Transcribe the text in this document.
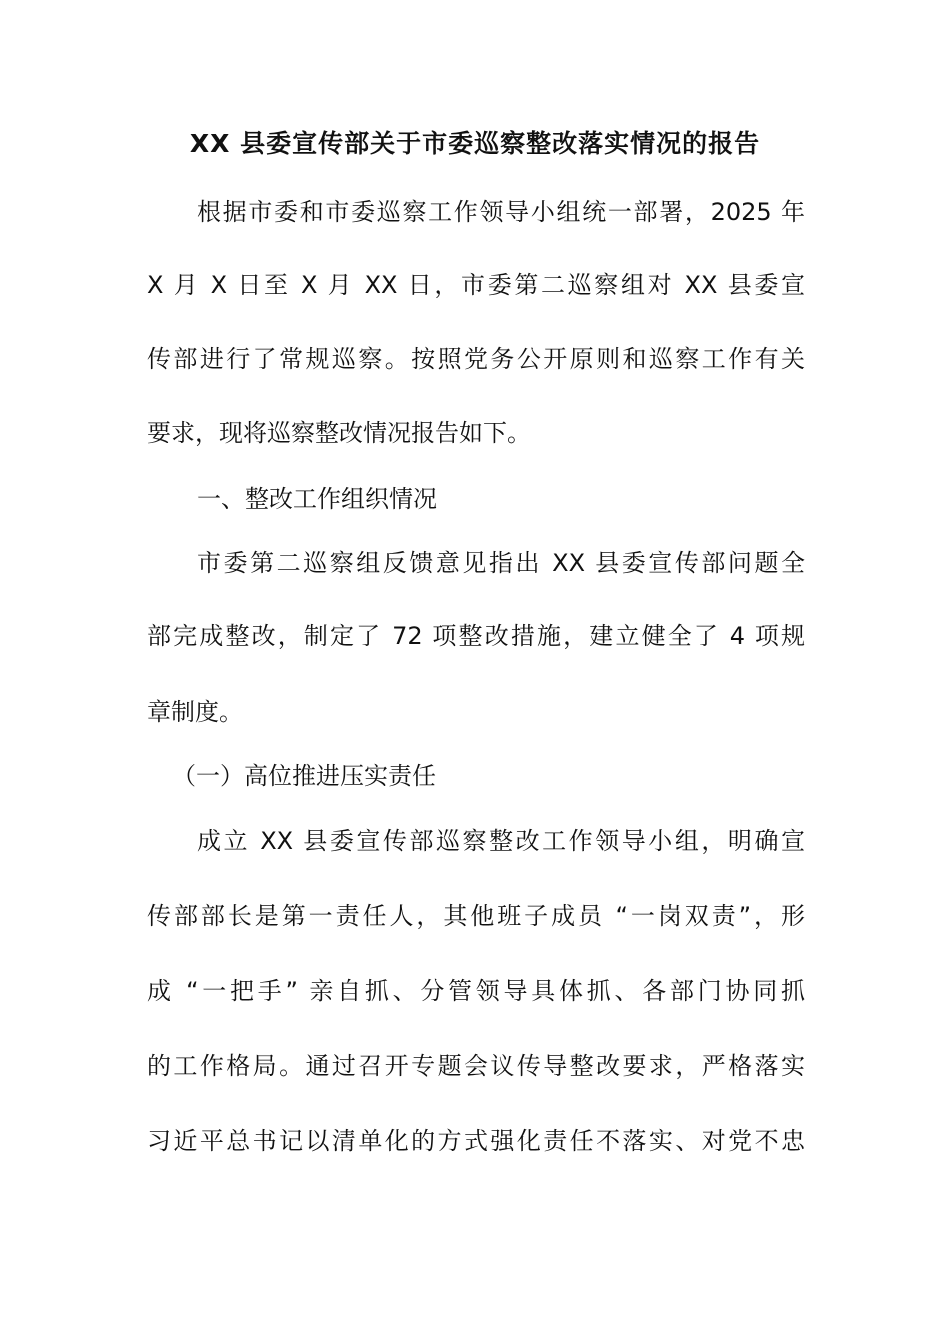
XX 县委宣传部关于市委巡察整改落实情况的报告
根据市委和市委巡察工作领导小组统一部署，2025 年
X 月 X 日至 X 月 XX 日，市委第二巡察组对 XX 县委宣
传部进行了常规巡察。按照党务公开原则和巡察工作有关
要求，现将巡察整改情况报告如下。
一、整改工作组织情况
市委第二巡察组反馈意见指出 XX 县委宣传部问题全
部完成整改，制定了 72 项整改措施，建立健全了 4 项规
章制度。
（一）高位推进压实责任
成立 XX 县委宣传部巡察整改工作领导小组，明确宣
传部部长是第一责任人，其他班子成员 “一岗双责”，形
成 “一把手” 亲自抓、分管领导具体抓、各部门协同抓
的工作格局。通过召开专题会议传导整改要求，严格落实
习近平总书记以清单化的方式强化责任不落实、对党不忠
